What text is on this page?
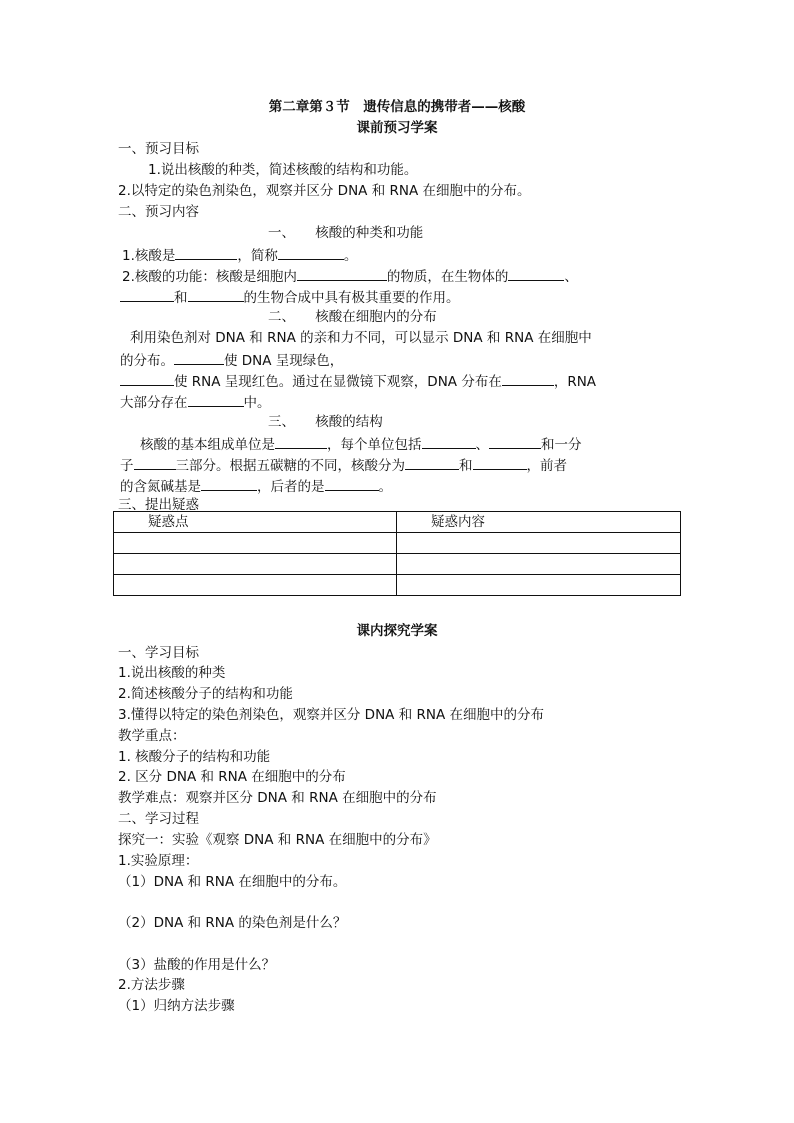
第二章第３节　遗传信息的携带者——核酸
课前预习学案
一、预习目标
1.说出核酸的种类，简述核酸的结构和功能。
2.以特定的染色剂染色，观察并区分 DNA 和 RNA 在细胞中的分布。
二、预习内容
一、　　核酸的种类和功能
1.核酸是	，简称	。
2.核酸的功能：核酸是细胞内	的物质，在生物体的	、
和	的生物合成中具有极其重要的作用。
二、　　核酸在细胞内的分布
利用染色剂对 DNA 和 RNA 的亲和力不同，可以显示 DNA 和 RNA 在细胞中
的分布。	使 DNA 呈现绿色，
使 RNA 呈现红色。通过在显微镜下观察，DNA 分布在	，RNA
大部分存在	中。
三、　　核酸的结构
核酸的基本组成单位是	，每个单位包括	、	和一分
子	三部分。根据五碳糖的不同，核酸分为	和	，前者
的含氮碱基是	，后者的是	。
三、提出疑惑
疑惑点	疑惑内容

课内探究学案
一、学习目标
1.说出核酸的种类
2.简述核酸分子的结构和功能
3.懂得以特定的染色剂染色，观察并区分 DNA 和 RNA 在细胞中的分布
教学重点：
1. 核酸分子的结构和功能
2. 区分 DNA 和 RNA 在细胞中的分布
教学难点：观察并区分 DNA 和 RNA 在细胞中的分布
二、学习过程
探究一：实验《观察 DNA 和 RNA 在细胞中的分布》
1.实验原理：
（1）DNA 和 RNA 在细胞中的分布。
（2）DNA 和 RNA 的染色剂是什么？
（3）盐酸的作用是什么？
2.方法步骤
（1）归纳方法步骤
